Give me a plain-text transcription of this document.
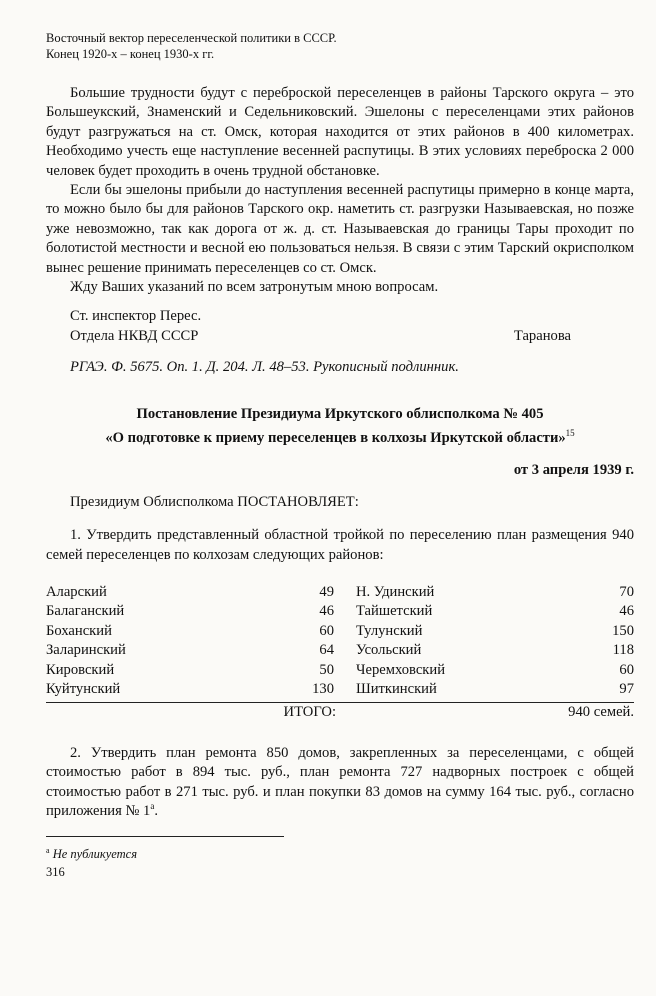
Восточный вектор переселенческой политики в СССР.
Конец 1920-х – конец 1930-х гг.

Большие трудности будут с переброской переселенцев в районы Тарского округа – это Большеукский, Знаменский и Седельниковский. Эшелоны с переселенцами этих районов будут разгружаться на ст. Омск, которая находится от этих районов в 400 километрах. Необходимо учесть еще наступление весенней распутицы. В этих условиях переброска 2 000 человек будет проходить в очень трудной обстановке.

Если бы эшелоны прибыли до наступления весенней распутицы примерно в конце марта, то можно было бы для районов Тарского окр. наметить ст. разгрузки Называевская, но позже уже невозможно, так как дорога от ж. д. ст. Называевская до границы Тары проходит по болотистой местности и весной ею пользоваться нельзя. В связи с этим Тарский окрисполком вынес решение принимать переселенцев со ст. Омск.

Жду Ваших указаний по всем затронутым мною вопросам.

Ст. инспектор Перес.
Отдела НКВД СССР	Таранова
РГАЭ. Ф. 5675. Оп. 1. Д. 204. Л. 48–53. Рукописный подлинник.
Постановление Президиума Иркутского облисполкома № 405
«О подготовке к приему переселенцев в колхозы Иркутской области»$^{15}$
от 3 апреля 1939 г.

Президиум Облисполкома ПОСТАНОВЛЯЕТ:

1. Утвердить представленный областной тройкой по переселению план размещения 940 семей переселенцев по колхозам следующих районов:

Аларский	49		Н. Удинский	70
Балаганский	46		Тайшетский	46
Боханский	60		Тулунский	150
Заларинский	64		Усольский	118
Кировский	50		Черемховский	60
Куйтунский	130		Шиткинский	97
ИТОГО:	940 семей.

2. Утвердить план ремонта 850 домов, закрепленных за переселенцами, с общей стоимостью работ в 894 тыс. руб., план ремонта 727 надворных построек с общей стоимостью работ в 271 тыс. руб. и план покупки 83 домов на сумму 164 тыс. руб., согласно приложения № 1$^а$.

$^а$ Не публикуется
316
